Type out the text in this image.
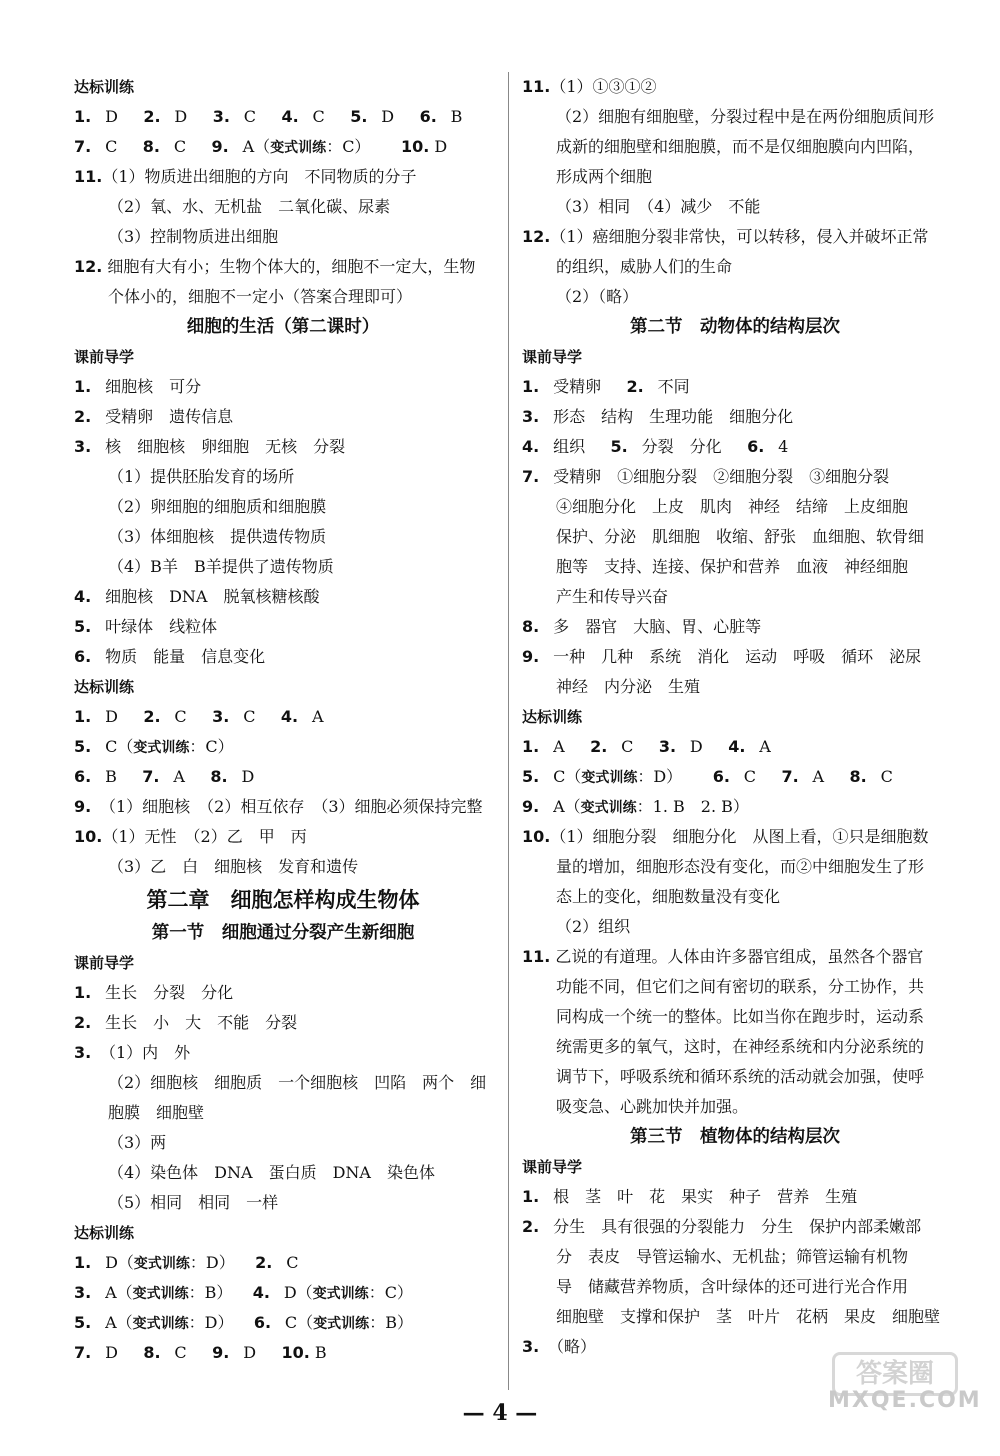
达标训练
1. D     2. D     3. C     4. C     5. D     6. B
7. C     8. C     9. A（变式训练：C）      10. D
11.（1）物质进出细胞的方向　不同物质的分子
（2）氧、水、无机盐　二氧化碳、尿素
（3）控制物质进出细胞
12. 细胞有大有小；生物个体大的，细胞不一定大，生物
个体小的，细胞不一定小（答案合理即可）
细胞的生活（第二课时）
课前导学
1. 细胞核　可分
2. 受精卵　遗传信息
3. 核　细胞核　卵细胞　无核　分裂
（1）提供胚胎发育的场所
（2）卵细胞的细胞质和细胞膜
（3）体细胞核　提供遗传物质
（4）B羊　B羊提供了遗传物质
4. 细胞核　DNA　脱氧核糖核酸
5. 叶绿体　线粒体
6. 物质　能量　信息变化
达标训练
1. D     2. C     3. C     4. A
5. C（变式训练：C）
6. B     7. A     8. D
9. （1）细胞核　（2）相互依存　（3）细胞必须保持完整
10.（1）无性　（2）乙　甲　丙
（3）乙　白　细胞核　发育和遗传
第二章　细胞怎样构成生物体
第一节　细胞通过分裂产生新细胞
课前导学
1. 生长　分裂　分化
2. 生长　小　大　不能　分裂
3. （1）内　外
（2）细胞核　细胞质　一个细胞核　凹陷　两个　细
胞膜　细胞壁
（3）两
（4）染色体　DNA　蛋白质　DNA　染色体
（5）相同　相同　一样
达标训练
1. D（变式训练：D）    2. C
3. A（变式训练：B）    4. D（变式训练：C）
5. A（变式训练：D）    6. C（变式训练：B）
7. D     8. C     9. D     10. B
11.（1）①③①②
（2）细胞有细胞壁，分裂过程中是在两份细胞质间形
成新的细胞壁和细胞膜，而不是仅细胞膜向内凹陷，
形成两个细胞
（3）相同　（4）减少　不能
12.（1）癌细胞分裂非常快，可以转移，侵入并破坏正常
的组织，威胁人们的生命
（2）（略）
第二节　动物体的结构层次
课前导学
1. 受精卵     2. 不同
3. 形态　结构　生理功能　细胞分化
4. 组织     5. 分裂　分化     6. 4
7. 受精卵　①细胞分裂　②细胞分裂　③细胞分裂
④细胞分化　上皮　肌肉　神经　结缔　上皮细胞
保护、分泌　肌细胞　收缩、舒张　血细胞、软骨细
胞等　支持、连接、保护和营养　血液　神经细胞
产生和传导兴奋
8. 多　器官　大脑、胃、心脏等
9. 一种　几种　系统　消化　运动　呼吸　循环　泌尿
神经　内分泌　生殖
达标训练
1. A     2. C     3. D     4. A
5. C（变式训练：D）      6. C     7. A     8. C
9. A（变式训练：1. B　2. B）
10.（1）细胞分裂　细胞分化　从图上看，①只是细胞数
量的增加，细胞形态没有变化，而②中细胞发生了形
态上的变化，细胞数量没有变化
（2）组织
11. 乙说的有道理。人体由许多器官组成，虽然各个器官
功能不同，但它们之间有密切的联系，分工协作，共
同构成一个统一的整体。比如当你在跑步时，运动系
统需更多的氧气，这时，在神经系统和内分泌系统的
调节下，呼吸系统和循环系统的活动就会加强，使呼
吸变急、心跳加快并加强。
第三节　植物体的结构层次
课前导学
1. 根　茎　叶　花　果实　种子　营养　生殖
2. 分生　具有很强的分裂能力　分生　保护内部柔嫩部
分　表皮　导管运输水、无机盐；筛管运输有机物
导　储藏营养物质，含叶绿体的还可进行光合作用
细胞壁　支撑和保护　茎　叶片　花柄　果皮　细胞壁
3. （略）
— 4 —
答案圈
MXQE.COM
